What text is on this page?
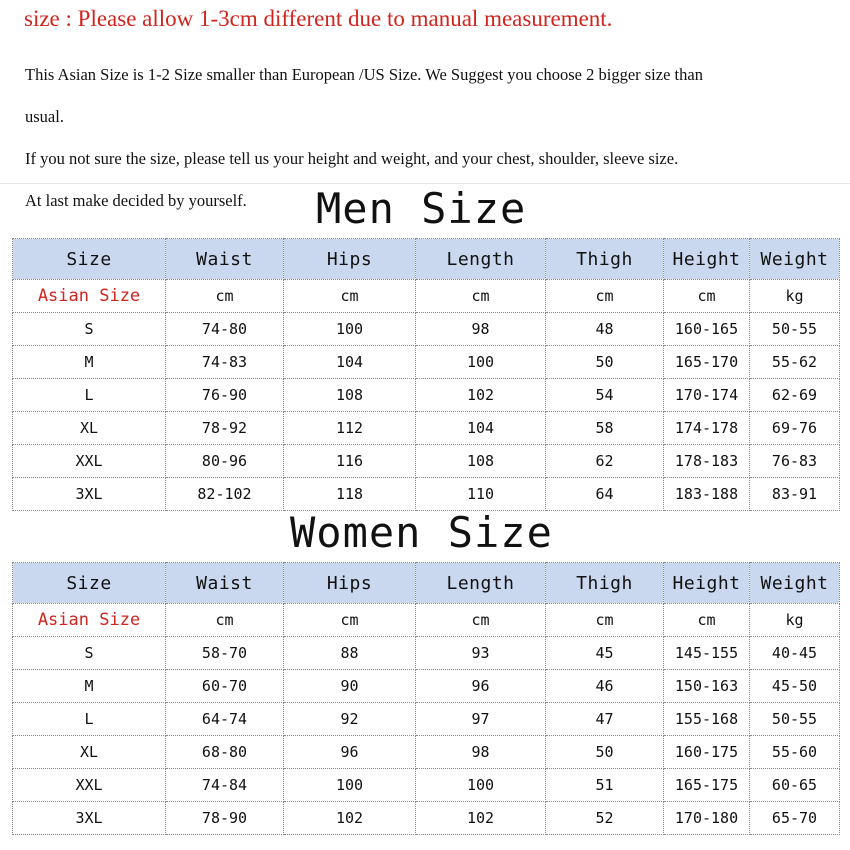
size : Please allow 1-3cm different due to manual measurement.
This Asian Size is 1-2 Size smaller than European /US Size. We Suggest you choose 2 bigger size than
usual.
If you not sure the size, please tell us your height and weight, and your chest, shoulder, sleeve size.
At last make decided by yourself. Men Size
Size	Waist	Hips	Length	Thigh	Height	Weight
Asian Size	cm	cm	cm	cm	cm	kg
S	74-80	100	98	48	160-165	50-55
M	74-83	104	100	50	165-170	55-62
L	76-90	108	102	54	170-174	62-69
XL	78-92	112	104	58	174-178	69-76
XXL	80-96	116	108	62	178-183	76-83
3XL	82-102	118	110	64	183-188	83-91
Women Size
Size	Waist	Hips	Length	Thigh	Height	Weight
Asian Size	cm	cm	cm	cm	cm	kg
S	58-70	88	93	45	145-155	40-45
M	60-70	90	96	46	150-163	45-50
L	64-74	92	97	47	155-168	50-55
XL	68-80	96	98	50	160-175	55-60
XXL	74-84	100	100	51	165-175	60-65
3XL	78-90	102	102	52	170-180	65-70
